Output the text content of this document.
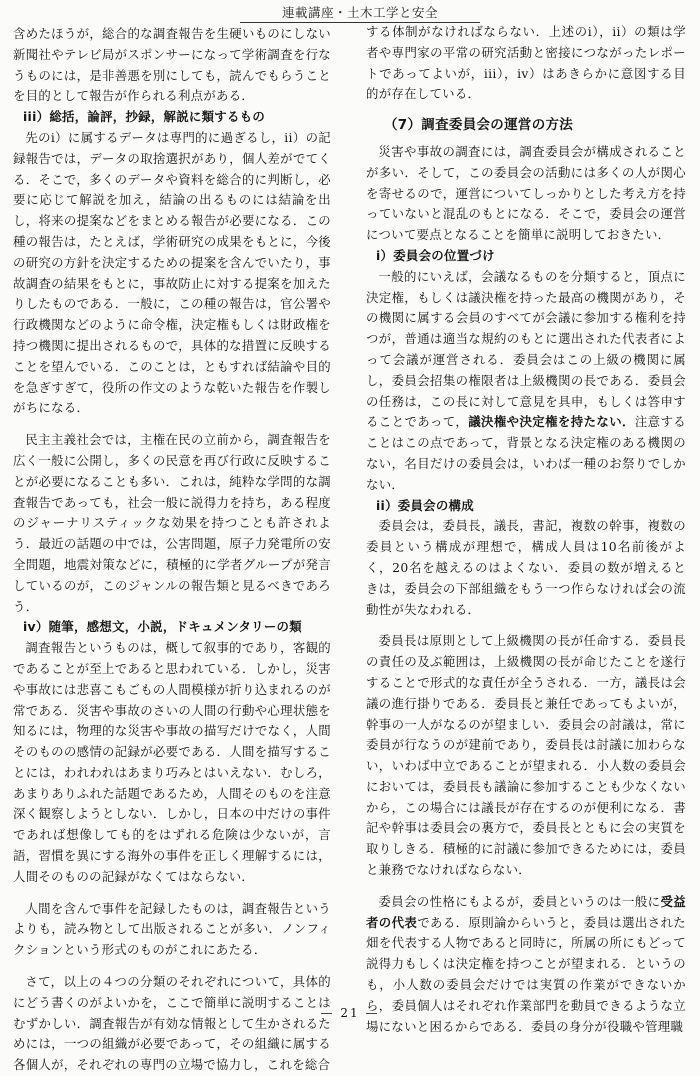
連載講座・土木工学と安全

含めたほうが，総合的な調査報告を生硬いものにしない新聞社やテレビ局がスポンサーになって学術調査を行なうものには，是非善悪を別にしても，読んでもらうことを目的として報告が作られる利点がある．

iii）総括，論評，抄録，解説に類するもの

先のi）に属するデータは専門的に過ぎるし，ii）の記録報告では，データの取捨選択があり，個人差がでてくる．そこで，多くのデータや資料を総合的に判断し，必要に応じて解説を加え，結論の出るものには結論を出し，将来の提案などをまとめる報告が必要になる．この種の報告は，たとえば，学術研究の成果をもとに，今後の研究の方針を決定するための提案を含んでいたり，事故調査の結果をもとに，事故防止に対する提案を加えたりしたものである．一般に，この種の報告は，官公署や行政機関などのように命令権，決定権もしくは財政権を持つ機関に提出されるもので，具体的な措置に反映することを望んでいる．このことは，ともすれば結論や目的を急ぎすぎて，役所の作文のような乾いた報告を作製しがちになる．

民主主義社会では，主権在民の立前から，調査報告を広く一般に公開し，多くの民意を再び行政に反映することが必要になることも多い．これは，純粋な学問的な調査報告であっても，社会一般に説得力を持ち，ある程度のジャーナリスティックな効果を持つことも許されよう．最近の話題の中では，公害問題，原子力発電所の安全問題，地震対策などに，積極的に学者グループが発言しているのが，このジャンルの報告類と見るべきであろう．

iv）随筆，感想文，小説，ドキュメンタリーの類

調査報告というものは，概して叙事的であり，客観的であることが至上であると思われている．しかし，災害や事故には悲喜こもごもの人間模様が折り込まれるのが常である．災害や事故のさいの人間の行動や心理状態を知るには，物理的な災害や事故の描写だけでなく，人間そのものの感情の記録が必要である．人間を描写することには，われわれはあまり巧みとはいえない．むしろ，あまりありふれた話題であるため，人間そのものを注意深く観察しようとしない．しかし，日本の中だけの事件であれば想像しても的をはずれる危険は少ないが，言語，習慣を異にする海外の事件を正しく理解するには，人間そのものの記録がなくてはならない．

人間を含んで事件を記録したものは，調査報告というよりも，読み物として出版されることが多い．ノンフィクションという形式のものがこれにあたる．

さて，以上の４つの分類のそれぞれについて，具体的にどう書くのがよいかを，ここで簡単に説明することはむずかしい．調査報告が有効な情報として生かされるためには，一つの組織が必要であって，その組織に属する各個人が，それぞれの専門の立場で協力し，これを総合

する体制がなければならない．上述のi），ii）の類は学者や専門家の平常の研究活動と密接につながったレポートであってよいが，iii），iv）はあきらかに意図する目的が存在している．

（7）調査委員会の運営の方法

災害や事故の調査には，調査委員会が構成されることが多い．そして，この委員会の活動には多くの人が関心を寄せるので，運営についてしっかりとした考え方を持っていないと混乱のもとになる．そこで，委員会の運営について要点となることを簡単に説明しておきたい．

i）委員会の位置づけ

一般的にいえば，会議なるものを分類すると，頂点に決定権，もしくは議決権を持った最高の機関があり，その機関に属する会員のすべてが会議に参加する権利を持つが，普通は適当な規約のもとに選出された代表者によって会議が運営される．委員会はこの上級の機関に属し，委員会招集の権限者は上級機関の長である．委員会の任務は，この長に対して意見を具申，もしくは答申することであって，議決権や決定権を持たない．注意することはこの点であって，背景となる決定権のある機関のない，名目だけの委員会は，いわば一種のお祭りでしかない．

ii）委員会の構成

委員会は，委員長，議長，書記，複数の幹事，複数の委員という構成が理想で，構成人員は10名前後がよく，20名を越えるのはよくない．委員の数が増えるときは，委員会の下部組織をもう一つ作らなければ会の流動性が失なわれる．

委員長は原則として上級機関の長が任命する．委員長の責任の及ぶ範囲は，上級機関の長が命じたことを遂行することで形式的な責任が全うされる．一方，議長は会議の進行掛りである．委員長と兼任であってもよいが，幹事の一人がなるのが望ましい．委員会の討議は，常に委員が行なうのが建前であり，委員長は討議に加わらない，いわば中立であることが望まれる．小人数の委員会においては，委員長も議論に参加することも少なくないから，この場合には議長が存在するのが便利になる．書記や幹事は委員会の裏方で，委員長とともに会の実質を取りしきる．積極的に討議に参加できるためには，委員と兼務でなければならない．

委員会の性格にもよるが，委員というのは一般に受益者の代表である．原則論からいうと，委員は選出された畑を代表する人物であると同時に，所属の所にもどって説得力もしくは決定権を持つことが望まれる．というのも，小人数の委員会だけでは実質の作業ができないから，委員個人はそれぞれ作業部門を動員できるような立場にないと困るからである．委員の身分が役職や管理職

— 21 —
